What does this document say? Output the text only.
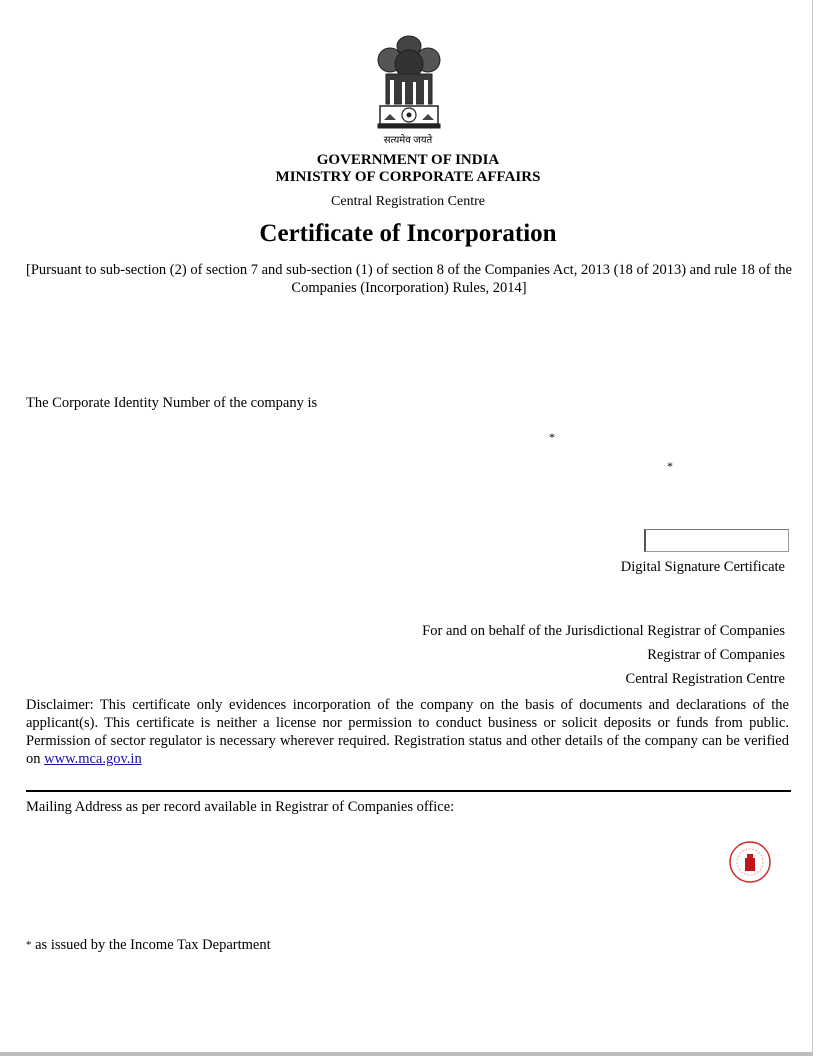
सत्यमेव जयते
GOVERNMENT OF INDIA
MINISTRY OF CORPORATE AFFAIRS
Central Registration Centre
Certificate of Incorporation
[Pursuant to sub-section (2) of section 7 and sub-section (1) of section 8 of the Companies Act, 2013 (18 of 2013) and rule 18 of the Companies (Incorporation) Rules, 2014]
The Corporate Identity Number of the company is
*
*
Digital Signature Certificate
For and on behalf of the Jurisdictional Registrar of Companies
Registrar of Companies
Central Registration Centre
Disclaimer: This certificate only evidences incorporation of the company on the basis of documents and declarations of the applicant(s). This certificate is neither a license nor permission to conduct business or solicit deposits or funds from public. Permission of sector regulator is necessary wherever required. Registration status and other details of the company can be verified on www.mca.gov.in
Mailing Address as per record available in Registrar of Companies office:
* as issued by the Income Tax Department
